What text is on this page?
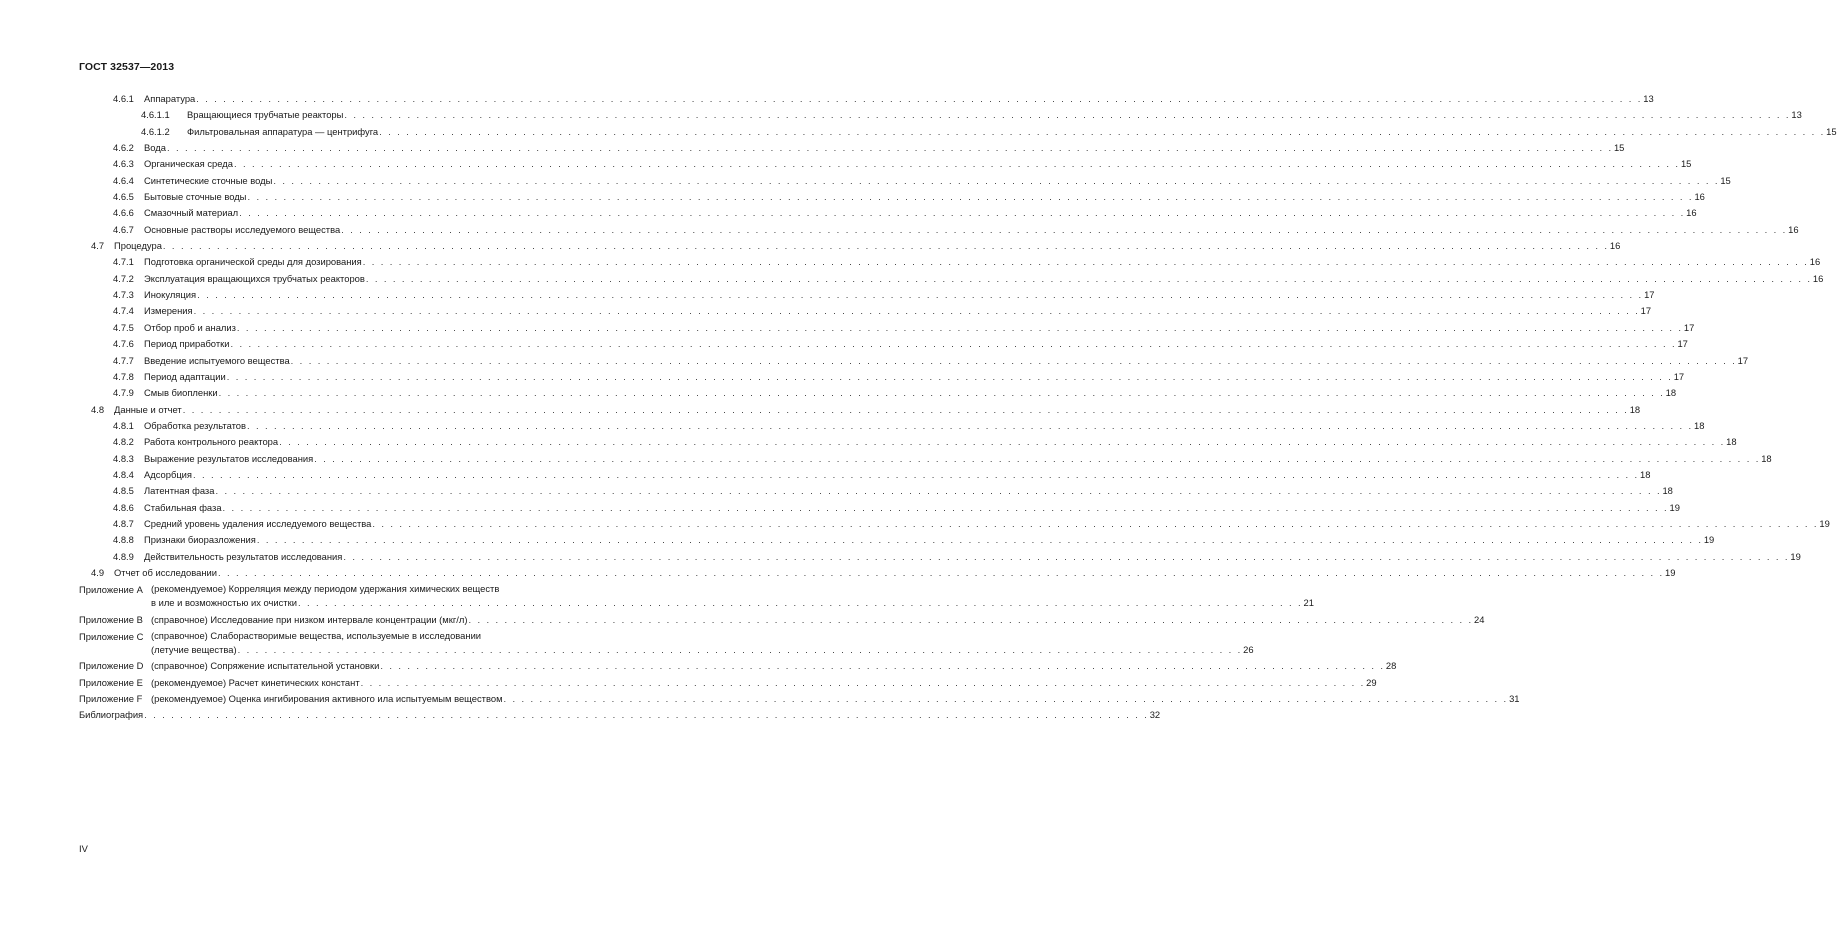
ГОСТ 32537—2013
4.6.1	Аппаратура . . .	13
4.6.1.1	Вращающиеся трубчатые реакторы . . .	13
4.6.1.2	Фильтровальная аппаратура — центрифуга . . .	15
4.6.2	Вода . . .	15
4.6.3	Органическая среда . . .	15
4.6.4	Синтетические сточные воды . . .	15
4.6.5	Бытовые сточные воды . . .	16
4.6.6	Смазочный материал . . .	16
4.6.7	Основные растворы исследуемого вещества . . .	16
4.7	Процедура . . .	16
4.7.1	Подготовка органической среды для дозирования . . .	16
4.7.2	Эксплуатация вращающихся трубчатых реакторов . . .	16
4.7.3	Инокуляция . . .	17
4.7.4	Измерения . . .	17
4.7.5	Отбор проб и анализ . . .	17
4.7.6	Период приработки . . .	17
4.7.7	Введение испытуемого вещества . . .	17
4.7.8	Период адаптации . . .	17
4.7.9	Смыв биопленки . . .	18
4.8	Данные и отчет . . .	18
4.8.1	Обработка результатов . . .	18
4.8.2	Работа контрольного реактора . . .	18
4.8.3	Выражение результатов исследования . . .	18
4.8.4	Адсорбция . . .	18
4.8.5	Латентная фаза . . .	18
4.8.6	Стабильная фаза . . .	19
4.8.7	Средний уровень удаления исследуемого вещества . . .	19
4.8.8	Признаки биоразложения . . .	19
4.8.9	Действительность результатов исследования . . .	19
4.9	Отчет об исследовании . . .	19
Приложение А (рекомендуемое) Корреляция между периодом удержания химических веществ
в иле и возможностью их очистки . . .	21
Приложение В (справочное) Исследование при низком интервале концентрации (мкг/л) . . .	24
Приложение С (справочное) Слаборастворимые вещества, используемые в исследовании
(летучие вещества) . . .	26
Приложение D (справочное) Сопряжение испытательной установки . . .	28
Приложение Е (рекомендуемое) Расчет кинетических констант . . .	29
Приложение F (рекомендуемое) Оценка ингибирования активного ила испытуемым веществом . . .	31
Библиография . . .	32
IV
